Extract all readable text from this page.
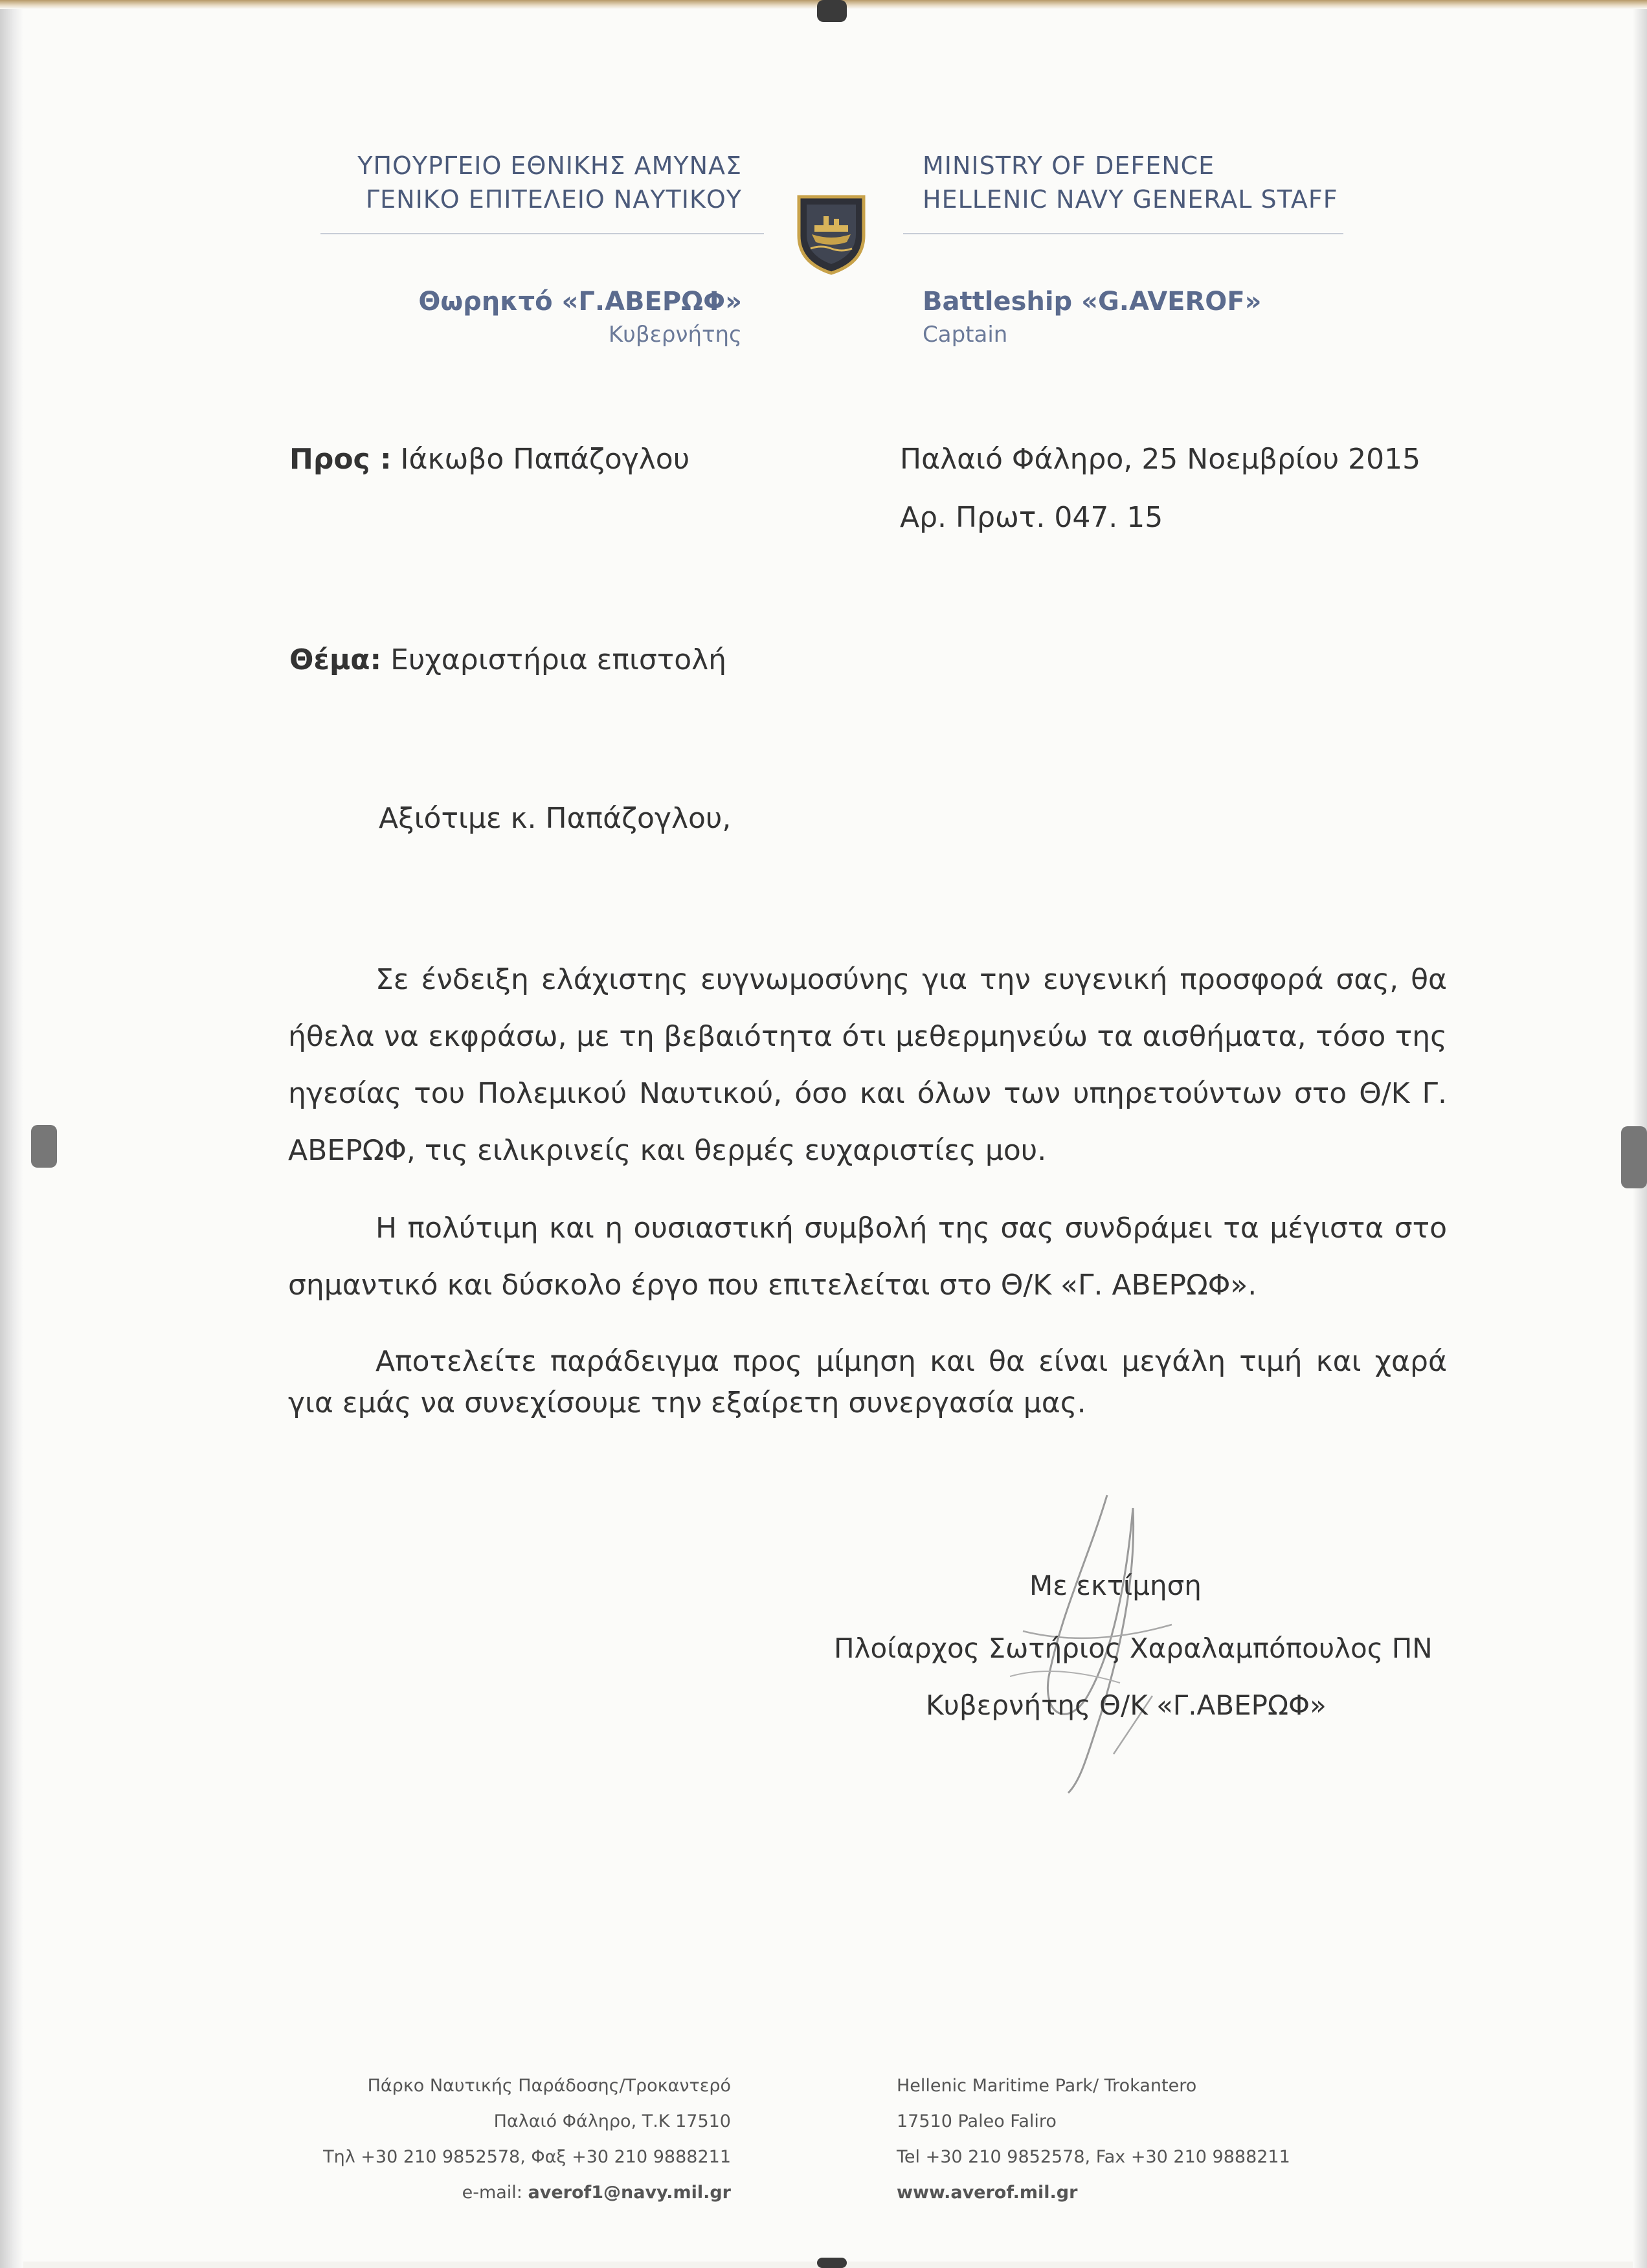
ΥΠΟΥΡΓΕΙΟ ΕΘΝΙΚΗΣ ΑΜΥΝΑΣ
ΓΕΝΙΚΟ ΕΠΙΤΕΛΕΙΟ ΝΑΥΤΙΚΟΥ
MINISTRY OF DEFENCE
HELLENIC NAVY GENERAL STAFF
Θωρηκτό «Γ.ΑΒΕΡΩΦ»
Κυβερνήτης
Battleship «G.AVEROF»
Captain
Προς : Ιάκωβο Παπάζογλου	Παλαιό Φάληρο, 25 Νοεμβρίου 2015
Αρ. Πρωτ. 047. 15
Θέμα: Ευχαριστήρια επιστολή
Αξιότιμε κ. Παπάζογλου,
Σε ένδειξη ελάχιστης ευγνωμοσύνης για την ευγενική προσφορά σας, θα ήθελα να εκφράσω, με τη βεβαιότητα ότι μεθερμηνεύω τα αισθήματα, τόσο της ηγεσίας του Πολεμικού Ναυτικού, όσο και όλων των υπηρετούντων στο Θ/Κ Γ. ΑΒΕΡΩΦ, τις ειλικρινείς και θερμές ευχαριστίες μου.
Η πολύτιμη και η ουσιαστική συμβολή της σας συνδράμει τα μέγιστα στο σημαντικό και δύσκολο έργο που επιτελείται στο Θ/Κ «Γ. ΑΒΕΡΩΦ».
Αποτελείτε παράδειγμα προς μίμηση και θα είναι μεγάλη τιμή και χαρά για εμάς να συνεχίσουμε την εξαίρετη συνεργασία μας.
Με εκτίμηση
Πλοίαρχος Σωτήριος Χαραλαμπόπουλος ΠΝ
Κυβερνήτης Θ/Κ «Γ.ΑΒΕΡΩΦ»
Πάρκο Ναυτικής Παράδοσης/Τροκαντερό
Παλαιό Φάληρο, Τ.Κ 17510
Τηλ +30 210 9852578, Φαξ +30 210 9888211
e-mail: averof1@navy.mil.gr
Hellenic Maritime Park/ Trokantero
17510 Paleo Faliro
Tel +30 210 9852578, Fax +30 210 9888211
www.averof.mil.gr
